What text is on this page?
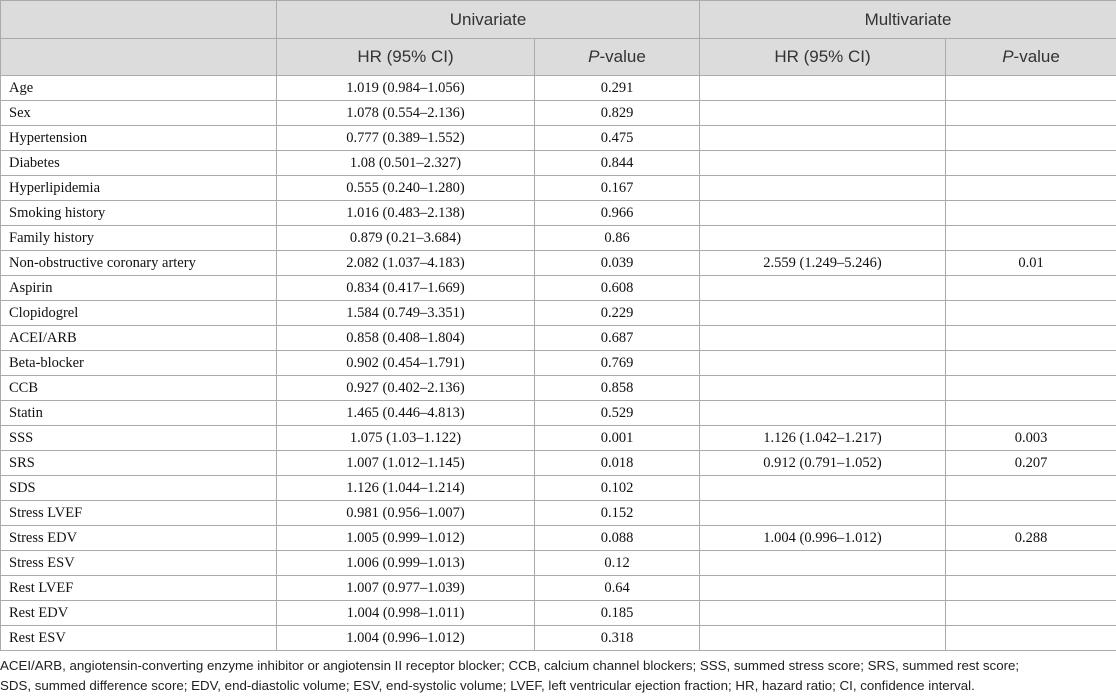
	Univariate		Multivariate	
	HR (95% CI)	P-value	HR (95% CI)	P-value
Age	1.019 (0.984–1.056)	0.291		
Sex	1.078 (0.554–2.136)	0.829		
Hypertension	0.777 (0.389–1.552)	0.475		
Diabetes	1.08 (0.501–2.327)	0.844		
Hyperlipidemia	0.555 (0.240–1.280)	0.167		
Smoking history	1.016 (0.483–2.138)	0.966		
Family history	0.879 (0.21–3.684)	0.86		
Non-obstructive coronary artery	2.082 (1.037–4.183)	0.039	2.559 (1.249–5.246)	0.01
Aspirin	0.834 (0.417–1.669)	0.608		
Clopidogrel	1.584 (0.749–3.351)	0.229		
ACEI/ARB	0.858 (0.408–1.804)	0.687		
Beta-blocker	0.902 (0.454–1.791)	0.769		
CCB	0.927 (0.402–2.136)	0.858		
Statin	1.465 (0.446–4.813)	0.529		
SSS	1.075 (1.03–1.122)	0.001	1.126 (1.042–1.217)	0.003
SRS	1.007 (1.012–1.145)	0.018	0.912 (0.791–1.052)	0.207
SDS	1.126 (1.044–1.214)	0.102		
Stress LVEF	0.981 (0.956–1.007)	0.152		
Stress EDV	1.005 (0.999–1.012)	0.088	1.004 (0.996–1.012)	0.288
Stress ESV	1.006 (0.999–1.013)	0.12		
Rest LVEF	1.007 (0.977–1.039)	0.64		
Rest EDV	1.004 (0.998–1.011)	0.185		
Rest ESV	1.004 (0.996–1.012)	0.318		
ACEI/ARB, angiotensin-converting enzyme inhibitor or angiotensin II receptor blocker; CCB, calcium channel blockers; SSS, summed stress score; SRS, summed rest score;
SDS, summed difference score; EDV, end-diastolic volume; ESV, end-systolic volume; LVEF, left ventricular ejection fraction; HR, hazard ratio; CI, confidence interval.
